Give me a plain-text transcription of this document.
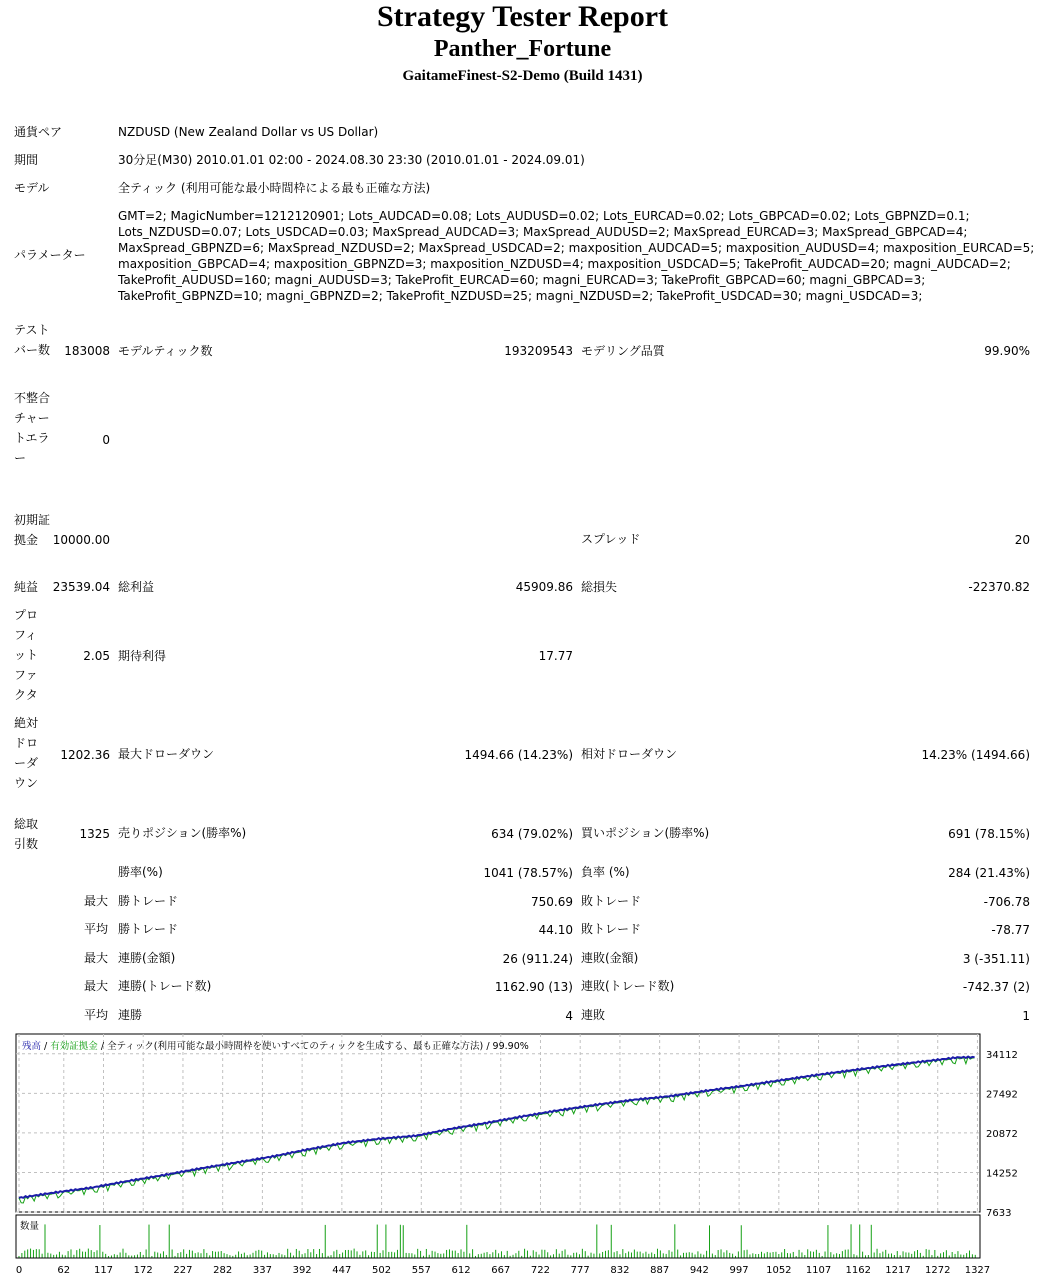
Strategy Tester Report
Panther_Fortune
GaitameFinest-S2-Demo (Build 1431)
通貨ペア	NZDUSD (New Zealand Dollar vs US Dollar)
期間	30分足(M30) 2010.01.01 02:00 - 2024.08.30 23:30 (2010.01.01 - 2024.09.01)
モデル	全ティック (利用可能な最小時間枠による最も正確な方法)
パラメーター
GMT=2; MagicNumber=1212120901; Lots_AUDCAD=0.08; Lots_AUDUSD=0.02; Lots_EURCAD=0.02; Lots_GBPCAD=0.02; Lots_GBPNZD=0.1;
Lots_NZDUSD=0.07; Lots_USDCAD=0.03; MaxSpread_AUDCAD=3; MaxSpread_AUDUSD=2; MaxSpread_EURCAD=3; MaxSpread_GBPCAD=4;
MaxSpread_GBPNZD=6; MaxSpread_NZDUSD=2; MaxSpread_USDCAD=2; maxposition_AUDCAD=5; maxposition_AUDUSD=4; maxposition_EURCAD=5;
maxposition_GBPCAD=4; maxposition_GBPNZD=3; maxposition_NZDUSD=4; maxposition_USDCAD=5; TakeProfit_AUDCAD=20; magni_AUDCAD=2;
TakeProfit_AUDUSD=160; magni_AUDUSD=3; TakeProfit_EURCAD=60; magni_EURCAD=3; TakeProfit_GBPCAD=60; magni_GBPCAD=3;
TakeProfit_GBPNZD=10; magni_GBPNZD=2; TakeProfit_NZDUSD=25; magni_NZDUSD=2; TakeProfit_USDCAD=30; magni_USDCAD=3;
テストバー数	183008 モデルティック数	193209543 モデリング品質	99.90%
不整合チャートエラー
0
初期証拠金	10000.00	スプレッド	20
純益	23539.04 総利益	45909.86 総損失	-22370.82
プロフィットファクタ
2.05 期待利得	17.77
絶対ドローダウン
1202.36 最大ドローダウン	1494.66 (14.23%) 相対ドローダウン	14.23% (1494.66)
総取引数
1325 売りポジション(勝率%)	634 (79.02%) 買いポジション(勝率%)	691 (78.15%)
勝率(%)	1041 (78.57%) 負率 (%)	284 (21.43%)
最大 勝トレード	750.69 敗トレード	-706.78
平均 勝トレード	44.10 敗トレード	-78.77
最大 連勝(金額)	26 (911.24) 連敗(金額)	3 (-351.11)
最大 連勝(トレード数)	1162.90 (13) 連敗(トレード数)	-742.37 (2)
平均 連勝	4 連敗	1
残高 / 有効証拠金 / 全ティック(利用可能な最小時間枠を使いすべてのティックを生成する、最も正確な方法) / 99.90%
数量
34112
27492
20872
14252
7633
0	62 117 172 227 282 337 392 447 502 557 612 667 722 777 832 887 942 997 1052 1107 1162 1217 1272 1327
